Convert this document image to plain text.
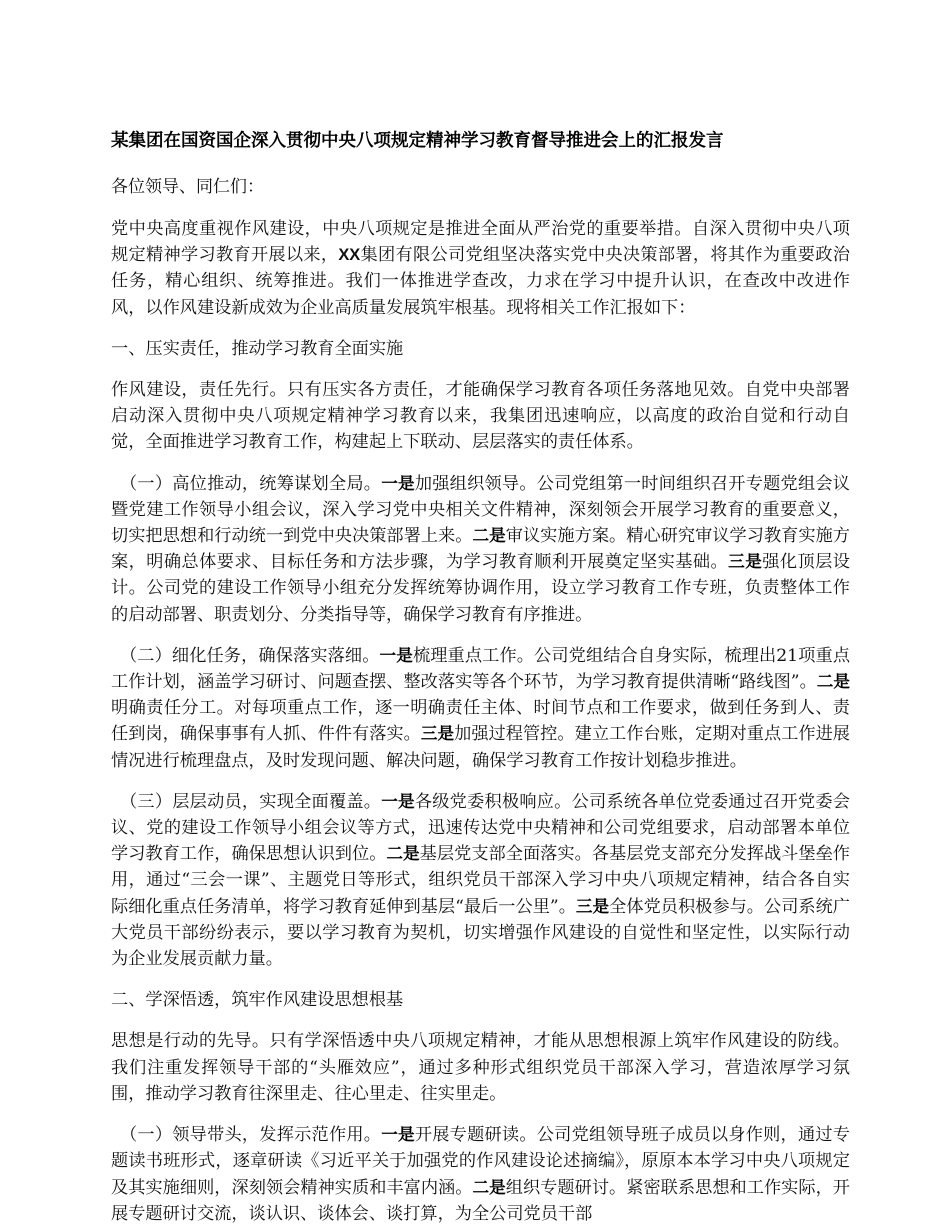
某集团在国资国企深入贯彻中央八项规定精神学习教育督导推进会上的汇报发言

各位领导、同仁们：

党中央高度重视作风建设，中央八项规定是推进全面从严治党的重要举措。自深入贯彻中央八项规定精神学习教育开展以来，XX集团有限公司党组坚决落实党中央决策部署，将其作为重要政治任务，精心组织、统筹推进。我们一体推进学查改，力求在学习中提升认识，在查改中改进作风，以作风建设新成效为企业高质量发展筑牢根基。现将相关工作汇报如下：

一、压实责任，推动学习教育全面实施

作风建设，责任先行。只有压实各方责任，才能确保学习教育各项任务落地见效。自党中央部署启动深入贯彻中央八项规定精神学习教育以来，我集团迅速响应，以高度的政治自觉和行动自觉，全面推进学习教育工作，构建起上下联动、层层落实的责任体系。

（一）高位推动，统筹谋划全局。一是加强组织领导。公司党组第一时间组织召开专题党组会议暨党建工作领导小组会议，深入学习党中央相关文件精神，深刻领会开展学习教育的重要意义，切实把思想和行动统一到党中央决策部署上来。二是审议实施方案。精心研究审议学习教育实施方案，明确总体要求、目标任务和方法步骤，为学习教育顺利开展奠定坚实基础。三是强化顶层设计。公司党的建设工作领导小组充分发挥统筹协调作用，设立学习教育工作专班，负责整体工作的启动部署、职责划分、分类指导等，确保学习教育有序推进。

（二）细化任务，确保落实落细。一是梳理重点工作。公司党组结合自身实际，梳理出21项重点工作计划，涵盖学习研讨、问题查摆、整改落实等各个环节，为学习教育提供清晰“路线图”。二是明确责任分工。对每项重点工作，逐一明确责任主体、时间节点和工作要求，做到任务到人、责任到岗，确保事事有人抓、件件有落实。三是加强过程管控。建立工作台账，定期对重点工作进展情况进行梳理盘点，及时发现问题、解决问题，确保学习教育工作按计划稳步推进。

（三）层层动员，实现全面覆盖。一是各级党委积极响应。公司系统各单位党委通过召开党委会议、党的建设工作领导小组会议等方式，迅速传达党中央精神和公司党组要求，启动部署本单位学习教育工作，确保思想认识到位。二是基层党支部全面落实。各基层党支部充分发挥战斗堡垒作用，通过“三会一课”、主题党日等形式，组织党员干部深入学习中央八项规定精神，结合各自实际细化重点任务清单，将学习教育延伸到基层“最后一公里”。三是全体党员积极参与。公司系统广大党员干部纷纷表示，要以学习教育为契机，切实增强作风建设的自觉性和坚定性，以实际行动为企业发展贡献力量。

二、学深悟透，筑牢作风建设思想根基

思想是行动的先导。只有学深悟透中央八项规定精神，才能从思想根源上筑牢作风建设的防线。我们注重发挥领导干部的“头雁效应”，通过多种形式组织党员干部深入学习，营造浓厚学习氛围，推动学习教育往深里走、往心里走、往实里走。

（一）领导带头，发挥示范作用。一是开展专题研读。公司党组领导班子成员以身作则，通过专题读书班形式，逐章研读《习近平关于加强党的作风建设论述摘编》，原原本本学习中央八项规定及其实施细则，深刻领会精神实质和丰富内涵。二是组织专题研讨。紧密联系思想和工作实际，开展专题研讨交流，谈认识、谈体会、谈打算，为全公司党员干部
